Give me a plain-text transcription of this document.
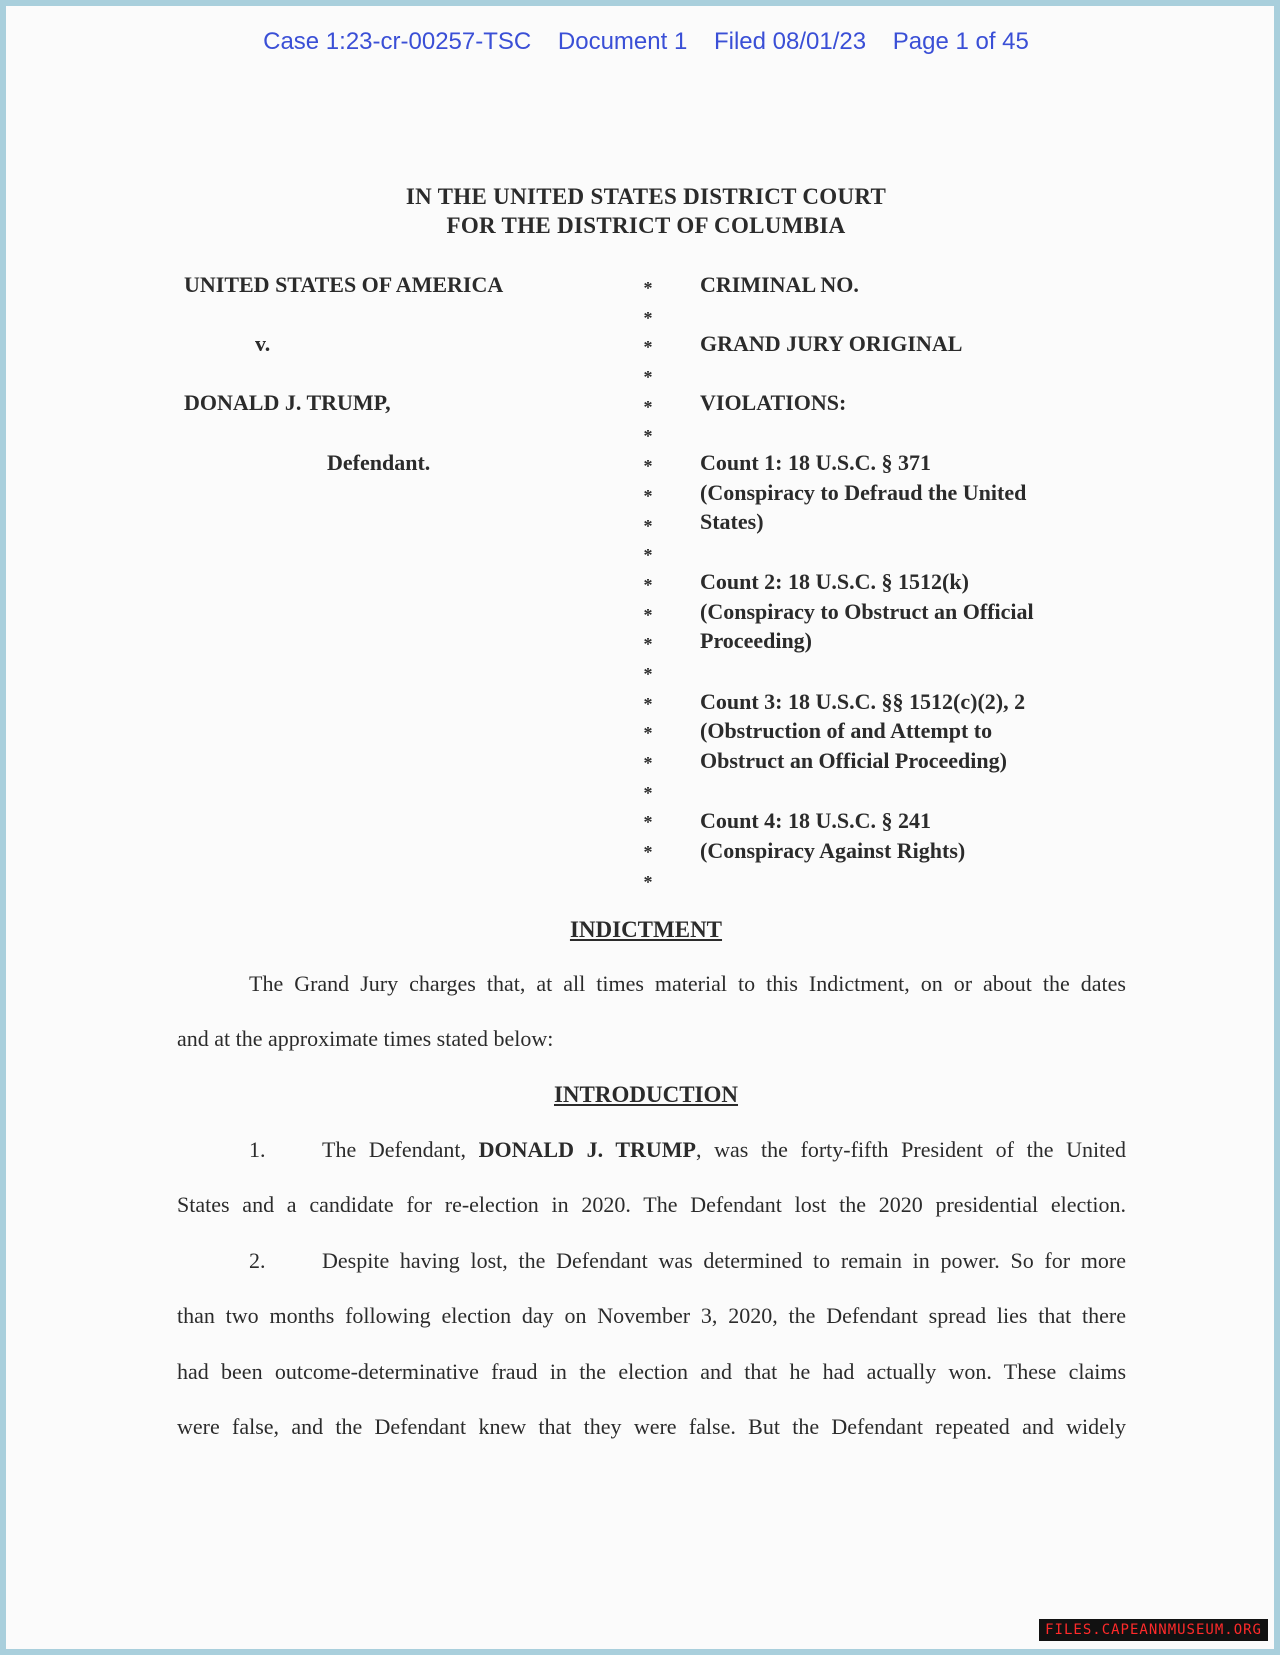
Case 1:23-cr-00257-TSC Document 1 Filed 08/01/23 Page 1 of 45
IN THE UNITED STATES DISTRICT COURT
FOR THE DISTRICT OF COLUMBIA
UNITED STATES OF AMERICA
v.
DONALD J. TRUMP,
Defendant.
*
*
*
*
*
*
*
*
*
*
*
*
*
*
*
*
*
*
*
*
*
CRIMINAL NO.
GRAND JURY ORIGINAL
VIOLATIONS:
Count 1: 18 U.S.C. § 371
(Conspiracy to Defraud the United
States)
Count 2: 18 U.S.C. § 1512(k)
(Conspiracy to Obstruct an Official
Proceeding)
Count 3: 18 U.S.C. §§ 1512(c)(2), 2
(Obstruction of and Attempt to
Obstruct an Official Proceeding)
Count 4: 18 U.S.C. § 241
(Conspiracy Against Rights)
INDICTMENT
The Grand Jury charges that, at all times material to this Indictment, on or about the dates
and at the approximate times stated below:
INTRODUCTION
1.	The Defendant, DONALD J. TRUMP, was the forty-fifth President of the United
States and a candidate for re-election in 2020. The Defendant lost the 2020 presidential election.
2.	Despite having lost, the Defendant was determined to remain in power. So for more
than two months following election day on November 3, 2020, the Defendant spread lies that there
had been outcome-determinative fraud in the election and that he had actually won. These claims
were false, and the Defendant knew that they were false. But the Defendant repeated and widely
FILES.CAPEANNMUSEUM.ORG
